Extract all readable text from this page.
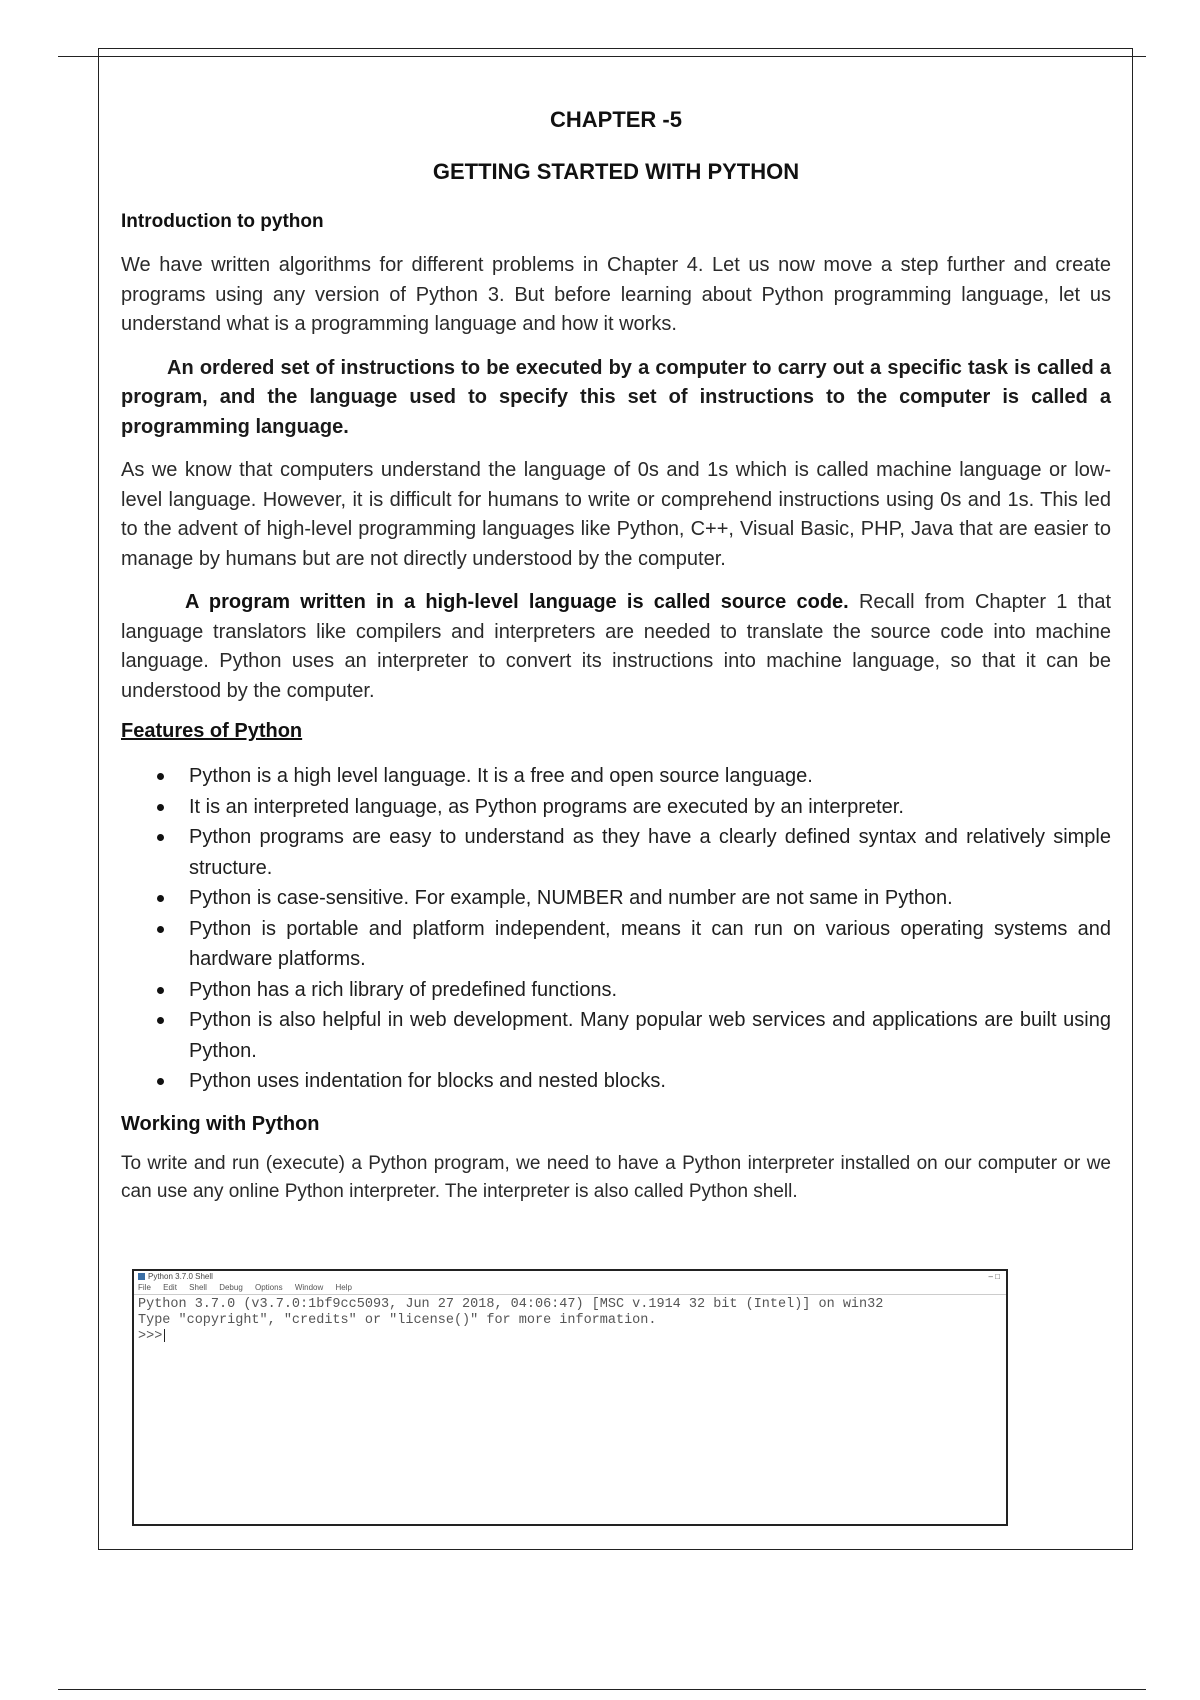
CHAPTER -5
GETTING STARTED WITH PYTHON
Introduction to python

We have written algorithms for different problems in Chapter 4. Let us now move a step further and create programs using any version of Python 3. But before learning about Python programming language, let us understand what is a programming language and how it works.

An ordered set of instructions to be executed by a computer to carry out a specific task is called a program, and the language used to specify this set of instructions to the computer is called a programming language.

As we know that computers understand the language of 0s and 1s which is called machine language or low-level language. However, it is difficult for humans to write or comprehend instructions using 0s and 1s. This led to the advent of high-level programming languages like Python, C++, Visual Basic, PHP, Java that are easier to manage by humans but are not directly understood by the computer.

A program written in a high-level language is called source code. Recall from Chapter 1 that language translators like compilers and interpreters are needed to translate the source code into machine language. Python uses an interpreter to convert its instructions into machine language, so that it can be understood by the computer.

Features of Python
Python is a high level language. It is a free and open source language.
It is an interpreted language, as Python programs are executed by an interpreter.
Python programs are easy to understand as they have a clearly defined syntax and relatively simple structure.
Python is case-sensitive. For example, NUMBER and number are not same in Python.
Python is portable and platform independent, means it can run on various operating systems and hardware platforms.
Python has a rich library of predefined functions.
Python is also helpful in web development. Many popular web services and applications are built using Python.
Python uses indentation for blocks and nested blocks.
Working with Python

To write and run (execute) a Python program, we need to have a Python interpreter installed on our computer or we can use any online Python interpreter. The interpreter is also called Python shell.

Python 3.7.0 Shell	– □
File Edit Shell Debug Options Window Help
Python 3.7.0 (v3.7.0:1bf9cc5093, Jun 27 2018, 04:06:47) [MSC v.1914 32 bit (Intel)] on win32
Type "copyright", "credits" or "license()" for more information.
>>>
